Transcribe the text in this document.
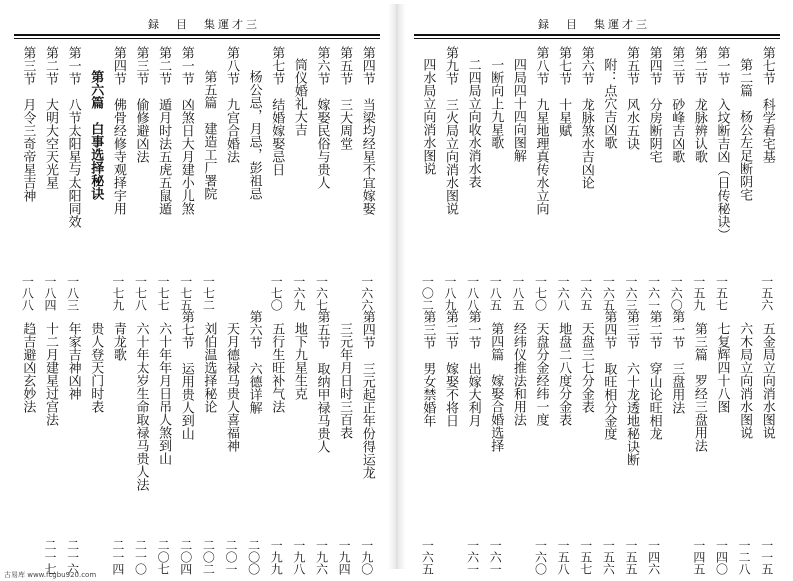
録 目 集運才三
第四节　当梁均经星不宜嫁娶
一六六
第五节　三大周堂
第六节　嫁娶民俗与贵人
一六七
筒仪婚礼大吉
一六九
第七节　结婚嫁娶忌日
一七〇
杨公忌，月忌，彭祖忌
第八节　九宫合婚法
第五篇　建造工厂署院
一七二
第一节　凶煞日大月建小儿煞
一七五
第二节　遁月时法五虎五鼠遁
一七七
第三节　偷修避凶法
一七八
第四节　佛骨经修寺观择宇用
一七九
第六篇　白事选择秘诀
第一节　八节太阳星与太阳同效
一八三
第二节　大明大空天光星
一八四
第三节　月令三奇帝星吉神
一八八
第四节　三元起正年份得运龙
一九〇
三元年月日时三百表
一九四
第五节　取纳甲禄马贵人
一九六
地下九星生克
一九八
五行生旺补气法
一九九
第六节　六德详解
二〇〇
天月德禄马贵人喜福神
二〇一
刘伯温选择秘论
二〇二
第七节　运用贵人到山
二〇四
六十年年月日吊人煞到山
二〇七
六十年太岁生命取禄马贵人法
二一〇
青龙歌
二一四
贵人登天门时表
年家吉神凶神
二一六
十二月建星过宫法
二一七
趋吉避凶玄妙法
録 目 集運才三
第七节　科学看宅基
一五六
第二篇　杨公左足断阴宅
第一节　入坟断吉凶（日传秘诀）
一五七
第二节　龙脉辨认歌
一五九
第三节　砂峰吉凶歌
一六〇
第四节　分房断阴宅
一六一
第五节　风水五诀
一六三
附：点穴吉凶歌
一六五
第六节　龙脉煞水吉凶论
一六五
第七节　十星赋
一六八
第八节　九星地理真传水立向
一七〇
四局四十四向图解
一八五
一断向上九星歌
一八五
二四局立向收水消水表
一八八
第九节　三火局立向消水图说
一八九
四水局立向消水图说
一〇二
五金局立向消水图说
一一五
六木局立向消水图说
一二八
七复辉四十八图
一四〇
第三篇　罗经三盘用法
一四五
第一节　三盘用法
第二节　穿山论旺相龙
一四六
第三节　六十龙透地秘诀断
一五五
第四节　取旺相分金度
一五六
天盘三七分金表
一五七
地盘二八度分金表
一五八
天盘分金经纬一度
一六〇
经纬仪推法和用法
第四篇　嫁娶合婚选择
一六一
第一节　出嫁大利月
一六一
第二节　嫁娶不将日
第三节　男女禁婚年
一六五
古易库 www.fcgbu920.com
